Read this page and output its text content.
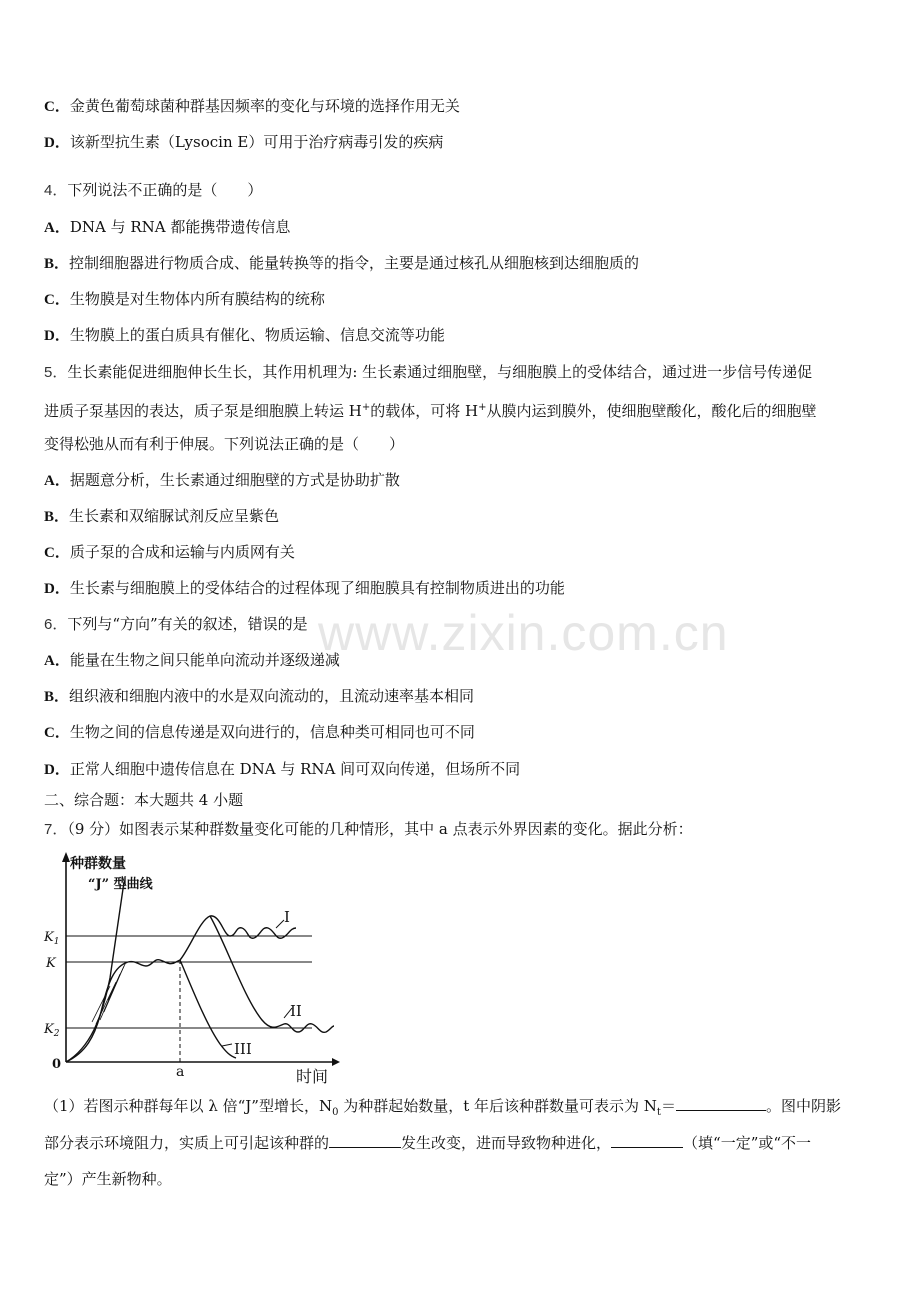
www.zixin.com.cn
C．金黄色葡萄球菌种群基因频率的变化与环境的选择作用无关
D．该新型抗生素（Lysocin E）可用于治疗病毒引发的疾病
4．下列说法不正确的是（　　）
A．DNA 与 RNA 都能携带遗传信息
B．控制细胞器进行物质合成、能量转换等的指令，主要是通过核孔从细胞核到达细胞质的
C．生物膜是对生物体内所有膜结构的统称
D．生物膜上的蛋白质具有催化、物质运输、信息交流等功能
5．生长素能促进细胞伸长生长，其作用机理为: 生长素通过细胞壁，与细胞膜上的受体结合，通过进一步信号传递促
进质子泵基因的表达，质子泵是细胞膜上转运 H+的载体，可将 H+从膜内运到膜外，使细胞壁酸化，酸化后的细胞壁
变得松弛从而有利于伸展。下列说法正确的是（　　）
A．据题意分析，生长素通过细胞壁的方式是协助扩散
B．生长素和双缩脲试剂反应呈紫色
C．质子泵的合成和运输与内质网有关
D．生长素与细胞膜上的受体结合的过程体现了细胞膜具有控制物质进出的功能
6．下列与“方向”有关的叙述，错误的是
A．能量在生物之间只能单向流动并逐级递减
B．组织液和细胞内液中的水是双向流动的，且流动速率基本相同
C．生物之间的信息传递是双向进行的，信息种类可相同也可不同
D．正常人细胞中遗传信息在 DNA 与 RNA 间可双向传递，但场所不同
二、综合题：本大题共 4 小题
7．（9 分）如图表示某种群数量变化可能的几种情形，其中 a 点表示外界因素的变化。据此分析：
种群数量
“J” 型曲线
$K_1$
K
$K_2$
0	a	时间
I
II
III
（1）若图示种群每年以 λ 倍“J”型增长，$N_0$ 为种群起始数量，t 年后该种群数量可表示为 $N_t=$	。图中阴影
部分表示环境阻力，实质上可引起该种群的	发生改变，进而导致物种进化，	（填“一定”或“不一
定”）产生新物种。
